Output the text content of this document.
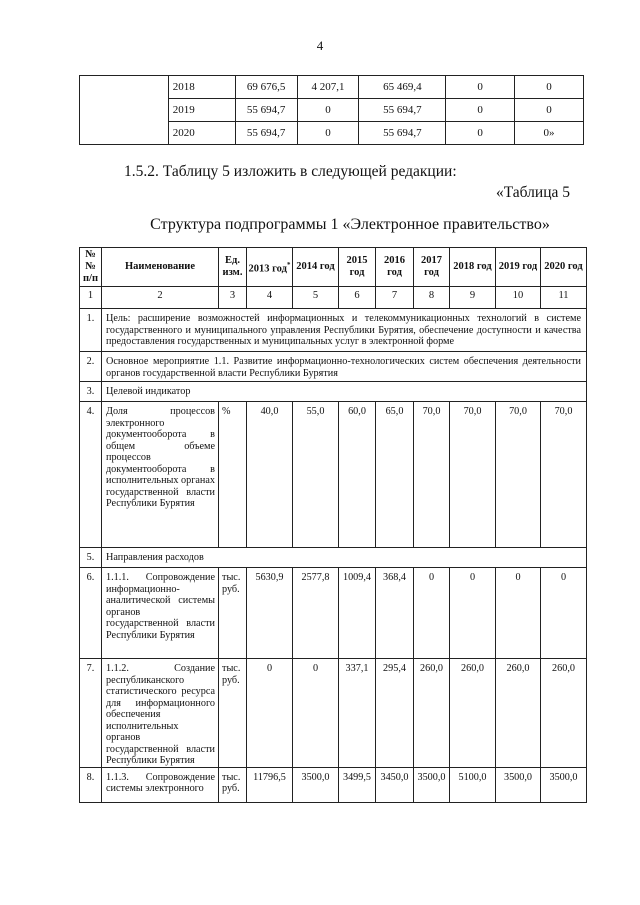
4
	2018	69 676,5	4 207,1	65 469,4	0	0
	2019	55 694,7	0	55 694,7	0	0
	2020	55 694,7	0	55 694,7	0	0»
1.5.2. Таблицу 5 изложить в следующей редакции:
«Таблица 5
Структура подпрограммы 1 «Электронное правительство»
№№ п/п	Наименование	Ед. изм.	2013 год*	2014 год	2015 год	2016 год	2017 год	2018 год	2019 год	2020 год
1	2	3	4	5	6	7	8	9	10	11
1.	Цель: расширение возможностей информационных и телекоммуникационных технологий в системе государственного и муниципального управления Республики Бурятия, обеспечение доступности и качества предоставления государственных и муниципальных услуг в электронной форме									
2.	Основное мероприятие 1.1. Развитие информационно-технологических систем обеспечения деятельности органов государственной власти Республики Бурятия									
3.	Целевой индикатор									
4.	Доля процессов электронного документооборота в общем объеме процессов документооборота в исполнительных органах государственной власти Республики Бурятия	%	40,0	55,0	60,0	65,0	70,0	70,0	70,0	70,0
5.	Направления расходов									
6.	1.1.1. Сопровождение информационно-аналитической системы органов государственной власти Республики Бурятия	тыс. руб.	5630,9	2577,8	1009,4	368,4	0	0	0	0
7.	1.1.2. Создание республиканского статистического ресурса для информационного обеспечения исполнительных органов государственной власти Республики Бурятия	тыс. руб.	0	0	337,1	295,4	260,0	260,0	260,0	260,0
8.	1.1.3. Сопровождение системы электронного	тыс. руб.	11796,5	3500,0	3499,5	3450,0	3500,0	5100,0	3500,0	3500,0
